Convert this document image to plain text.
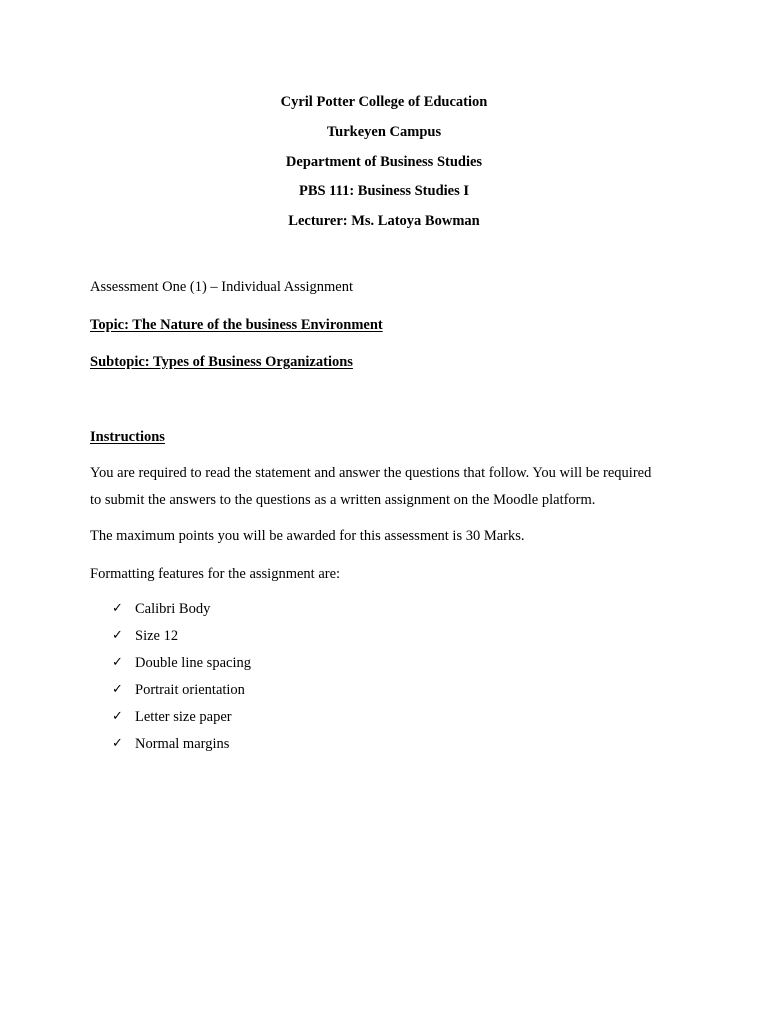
Cyril Potter College of Education
Turkeyen Campus
Department of Business Studies
PBS 111: Business Studies I
Lecturer: Ms. Latoya Bowman
Assessment One (1) – Individual Assignment
Topic: The Nature of the business Environment
Subtopic: Types of Business Organizations
Instructions
You are required to read the statement and answer the questions that follow. You will be required
to submit the answers to the questions as a written assignment on the Moodle platform.
The maximum points you will be awarded for this assessment is 30 Marks.
Formatting features for the assignment are:
✓ Calibri Body
✓ Size 12
✓ Double line spacing
✓ Portrait orientation
✓ Letter size paper
✓ Normal margins
